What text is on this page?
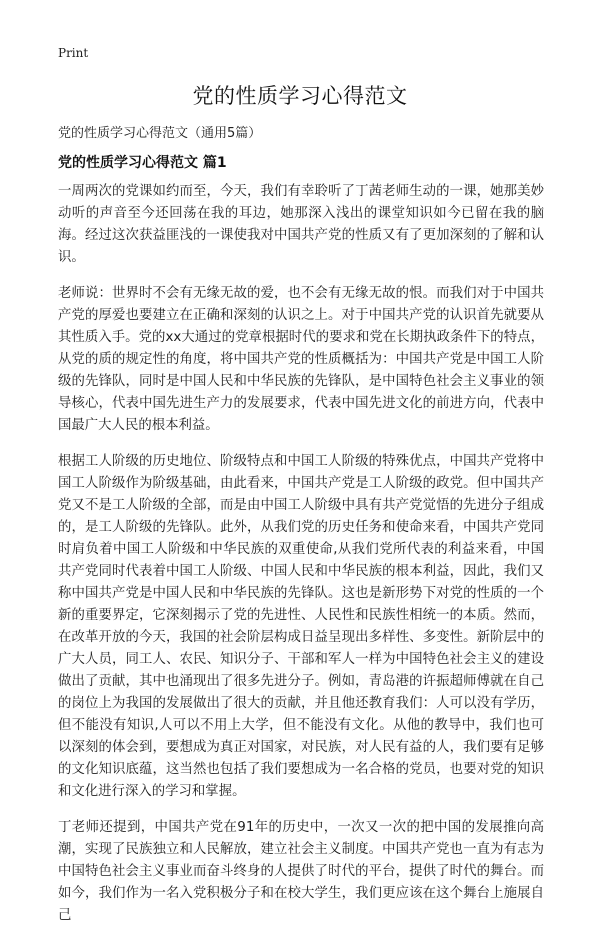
Print
党的性质学习心得范文

党的性质学习心得范文（通用5篇）

党的性质学习心得范文 篇1

一周两次的党课如约而至，今天，我们有幸聆听了丁茜老师生动的一课，她那美妙动听的声音至今还回荡在我的耳边，她那深入浅出的课堂知识如今已留在我的脑海。经过这次获益匪浅的一课使我对中国共产党的性质又有了更加深刻的了解和认识。

老师说：世界时不会有无缘无故的爱，也不会有无缘无故的恨。而我们对于中国共产党的厚爱也要建立在正确和深刻的认识之上。对于中国共产党的认识首先就要从其性质入手。党的xx大通过的党章根据时代的要求和党在长期执政条件下的特点，从党的质的规定性的角度，将中国共产党的性质概括为：中国共产党是中国工人阶级的先锋队，同时是中国人民和中华民族的先锋队，是中国特色社会主义事业的领导核心，代表中国先进生产力的发展要求，代表中国先进文化的前进方向，代表中国最广大人民的根本利益。

根据工人阶级的历史地位、阶级特点和中国工人阶级的特殊优点，中国共产党将中国工人阶级作为阶级基础，由此看来，中国共产党是工人阶级的政党。但中国共产党又不是工人阶级的全部，而是由中国工人阶级中具有共产党觉悟的先进分子组成的，是工人阶级的先锋队。此外，从我们党的历史任务和使命来看，中国共产党同时肩负着中国工人阶级和中华民族的双重使命,从我们党所代表的利益来看，中国共产党同时代表着中国工人阶级、中国人民和中华民族的根本利益，因此，我们又称中国共产党是中国人民和中华民族的先锋队。这也是新形势下对党的性质的一个新的重要界定，它深刻揭示了党的先进性、人民性和民族性相统一的本质。然而，在改革开放的今天，我国的社会阶层构成日益呈现出多样性、多变性。新阶层中的广大人员，同工人、农民、知识分子、干部和军人一样为中国特色社会主义的建设做出了贡献，其中也涌现出了很多先进分子。例如，青岛港的许振超师傅就在自己的岗位上为我国的发展做出了很大的贡献，并且他还教育我们：人可以没有学历，但不能没有知识,人可以不用上大学，但不能没有文化。从他的教导中，我们也可以深刻的体会到，要想成为真正对国家，对民族，对人民有益的人，我们要有足够的文化知识底蕴，这当然也包括了我们要想成为一名合格的党员，也要对党的知识和文化进行深入的学习和掌握。

丁老师还提到，中国共产党在91年的历史中，一次又一次的把中国的发展推向高潮，实现了民族独立和人民解放，建立社会主义制度。中国共产党也一直为有志为中国特色社会主义事业而奋斗终身的人提供了时代的平台，提供了时代的舞台。而如今，我们作为一名入党积极分子和在校大学生，我们更应该在这个舞台上施展自己
